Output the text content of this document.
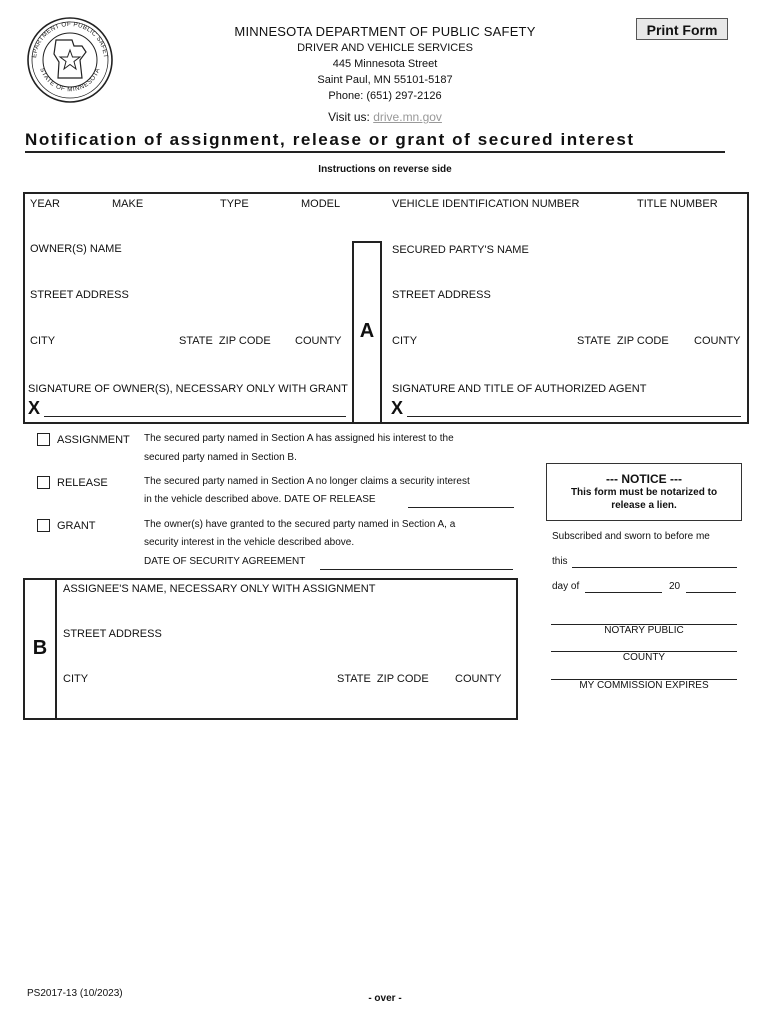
EPARTMENT OF PUBLIC SAFET
STATE OF MINNESOTA
MINNESOTA DEPARTMENT OF PUBLIC SAFETY
DRIVER AND VEHICLE SERVICES
445 Minnesota Street
Saint Paul, MN 55101-5187
Phone: (651) 297-2126
Visit us: drive.mn.gov
Print Form
Notification of assignment, release or grant of secured interest
Instructions on reverse side
A
YEAR	MAKE	TYPE	MODEL	VEHICLE IDENTIFICATION NUMBER	TITLE NUMBER
OWNER(S) NAME
STREET ADDRESS
CITY	STATE  ZIP CODE COUNTY
SIGNATURE OF OWNER(S), NECESSARY ONLY WITH GRANT
X
SECURED PARTY'S NAME
STREET ADDRESS
CITY	STATE  ZIP CODE COUNTY
SIGNATURE AND TITLE OF AUTHORIZED AGENT
X
ASSIGNMENT The secured party named in Section A has assigned his interest to the
secured party named in Section B.
RELEASE	The secured party named in Section A no longer claims a security interest
in the vehicle described above. DATE OF RELEASE
GRANT	The owner(s) have granted to the secured party named in Section A, a
security interest in the vehicle described above.
DATE OF SECURITY AGREEMENT
--- NOTICE ---
This form must be notarized to
release a lien.
Subscribed and sworn to before me
this
day of	20
NOTARY PUBLIC
COUNTY
MY COMMISSION EXPIRES
B
ASSIGNEE'S NAME, NECESSARY ONLY WITH ASSIGNMENT
STREET ADDRESS
CITY	STATE  ZIP CODE COUNTY
PS2017-13 (10/2023)	- over -
